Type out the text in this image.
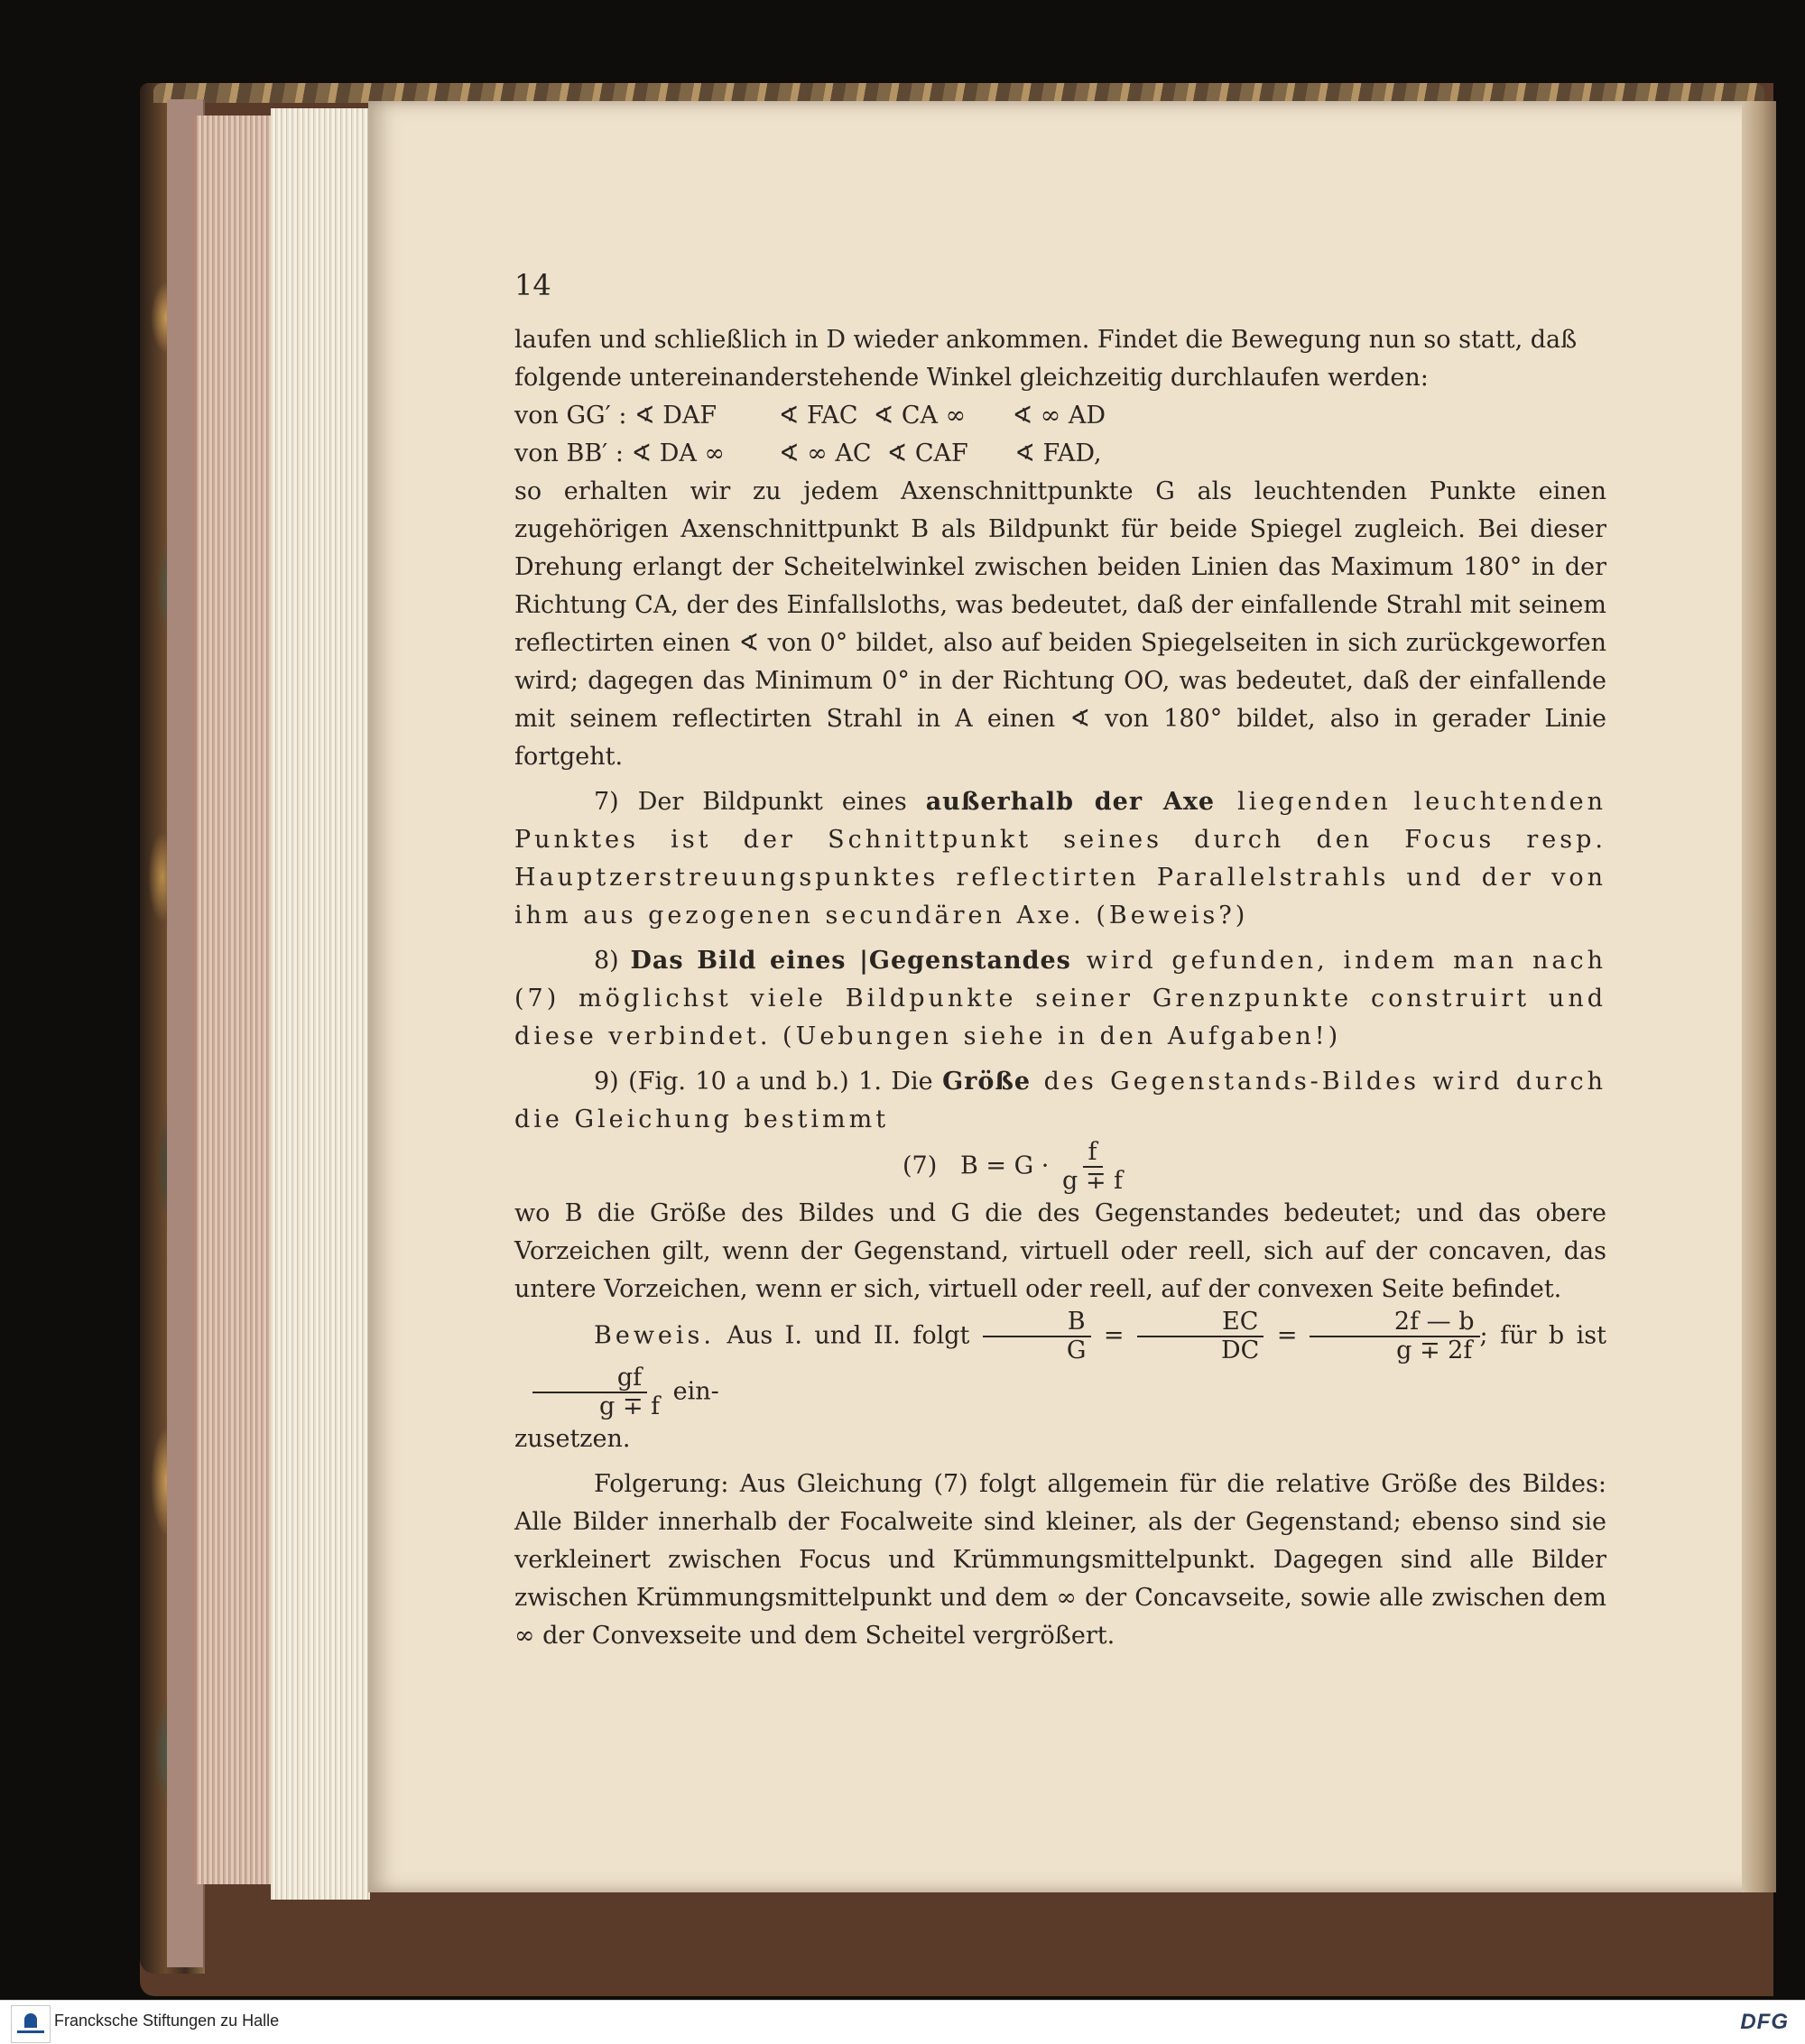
14

laufen und schließlich in D wieder ankommen. Findet die Bewegung nun so statt, daß

folgende untereinanderstehende Winkel gleichzeitig durchlaufen werden:

von GG′ : ∢ DAF        ∢ FAC  ∢ CA ∞      ∢ ∞ AD

von BB′ : ∢ DA ∞       ∢ ∞ AC  ∢ CAF      ∢ FAD,

so erhalten wir zu jedem Axenschnittpunkte G als leuchtenden Punkte einen zugehörigen Axenschnittpunkt B als Bildpunkt für beide Spiegel zugleich. Bei dieser Drehung erlangt der Scheitelwinkel zwischen beiden Linien das Maximum 180° in der Richtung CA, der des Einfallsloths, was bedeutet, daß der einfallende Strahl mit seinem reflectirten einen ∢ von 0° bildet, also auf beiden Spiegelseiten in sich zurückgeworfen wird; dagegen das Minimum 0° in der Richtung OO, was bedeutet, daß der einfallende mit seinem reflectirten Strahl in A einen ∢ von 180° bildet, also in gerader Linie fortgeht.

7) Der Bildpunkt eines außerhalb der Axe liegenden leuchtenden Punktes ist der Schnittpunkt seines durch den Focus resp. Hauptzerstreuungspunktes reflectirten Parallelstrahls und der von ihm aus gezogenen secundären Axe. (Beweis?)

8) Das Bild eines |Gegenstandes wird gefunden, indem man nach (7) möglichst viele Bildpunkte seiner Grenzpunkte construirt und diese verbindet. (Uebungen siehe in den Aufgaben!)

9) (Fig. 10 a und b.) 1. Die Größe des Gegenstands-Bildes wird durch die Gleichung bestimmt

(7) $B = G \cdot \frac{f}{g \mp f}$

wo B die Größe des Bildes und G die des Gegenstandes bedeutet; und das obere Vorzeichen gilt, wenn der Gegenstand, virtuell oder reell, sich auf der concaven, das untere Vorzeichen, wenn er sich, virtuell oder reell, auf der convexen Seite befindet.

Beweis. Aus I. und II. folgt $\frac{B}{G} = \frac{EC}{DC} = \frac{2f — b}{g \mp 2f}$ ; für b ist
$\frac{gf}{g \mp f} ein-$

zusetzen.

Folgerung: Aus Gleichung (7) folgt allgemein für die relative Größe des Bildes: Alle Bilder innerhalb der Focalweite sind kleiner, als der Gegenstand; ebenso sind sie verkleinert zwischen Focus und Krümmungsmittelpunkt. Dagegen sind alle Bilder zwischen Krümmungsmittelpunkt und dem ∞ der Concavseite, sowie alle zwischen dem ∞ der Convexseite und dem Scheitel vergrößert.

Francksche Stiftungen zu Halle	DFG
